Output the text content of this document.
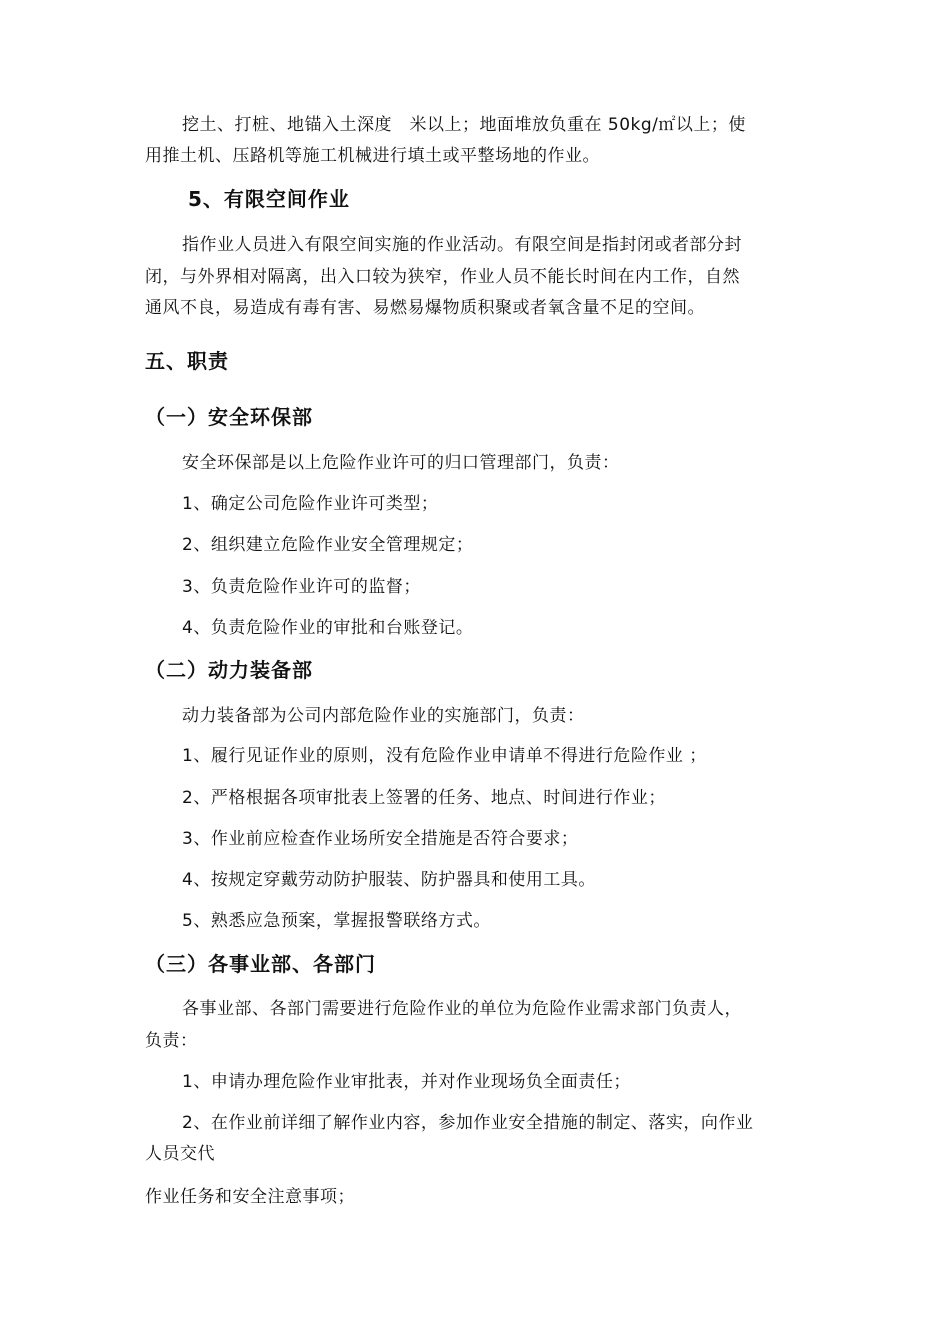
挖土、打桩、地锚入土深度　米以上；地面堆放负重在 50kg/㎡以上；使
用推土机、压路机等施工机械进行填土或平整场地的作业。
5、有限空间作业
指作业人员进入有限空间实施的作业活动。有限空间是指封闭或者部分封
闭，与外界相对隔离，出入口较为狭窄，作业人员不能长时间在内工作，自然
通风不良，易造成有毒有害、易燃易爆物质积聚或者氧含量不足的空间。
五、职责
（一）安全环保部
安全环保部是以上危险作业许可的归口管理部门，负责：
1、确定公司危险作业许可类型；
2、组织建立危险作业安全管理规定；
3、负责危险作业许可的监督；
4、负责危险作业的审批和台账登记。
（二）动力装备部
动力装备部为公司内部危险作业的实施部门，负责：
1、履行见证作业的原则，没有危险作业申请单不得进行危险作业 ；
2、严格根据各项审批表上签署的任务、地点、时间进行作业；
3、作业前应检查作业场所安全措施是否符合要求；
4、按规定穿戴劳动防护服装、防护器具和使用工具。
5、熟悉应急预案，掌握报警联络方式。
（三）各事业部、各部门
各事业部、各部门需要进行危险作业的单位为危险作业需求部门负责人，
负责：
1、申请办理危险作业审批表，并对作业现场负全面责任；
2、在作业前详细了解作业内容，参加作业安全措施的制定、落实，向作业
人员交代
作业任务和安全注意事项；
